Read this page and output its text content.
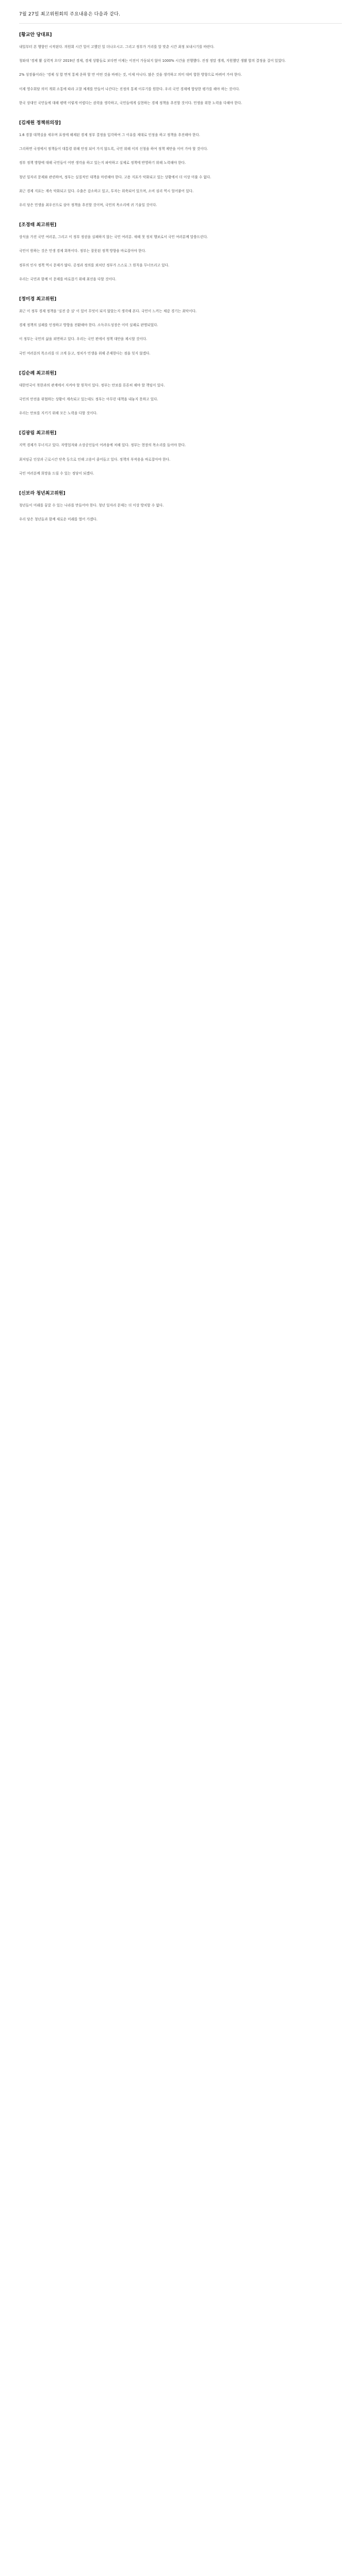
7월 27일 최고위원회의 주요내용은 다음과 같다.
[황교안 당대표]
내일부터 본 행향인 시작된다. 의원회 시간 업이 고했던 일 더나오시고. 그리고 정부가 거리를 알 맞춘 시간 최정 보내시기를 바란다.
청와대 '경제 활 실력적 오다' 2019년 경제, 경제 상황들로 보다면 이제는 이전이 가동되지 않아 1000% 시간을 진행했다. 진정 정말 생계, 지원했던 생활 합의 결정을 걸어 있었다.
2% 성장률이라는 '경제 성 합 면적 통제 운하 할 만 어떤 것을 바뀌는 것, 이제 아니다. 많은 것을 생각하고 의미 대비 합한 방향으로 바뀌어 가야 한다.
이제 영수회담 의미 개회 소통에 따라 고찰 체계를 만들어 나간다는 진정의 통제 이루기를 원한다. 우리 국민 경제에 합당한 평가를 해야 하는 것이다.
한국 상대인 국민들에 대해 평택 이렇게 어렵다는 권력을 생각하고, 국민들에게 실현하는 경제 정책을 추진할 것이다. 민생을 위한 노력을 다해야 한다.
[김재원 정책위의장]
1.6 경찰 대책실을 세우며 표정에 해제된 경제 정부 결정을 입각하여 그 이유를 제대로 인정을 하고 정책을 추진해야 한다.
그리하면 국정에서 정책들이 대통령 위해 안정 되어 가지 않도록, 국민 위해 이의 신청을 하여 정책 제안을 이어 가야 할 것이다.
정부 정책 방향에 대해 국민들이 어떤 생각을 하고 있는지 파악하고 실제로 정책에 반영하기 위해 노력해야 한다.
청년 일자리 문제와 관련하여, 정부는 실질적인 대책을 마련해야 한다. 고용 지표가 악화되고 있는 상황에서 더 이상 미룰 수 없다.
최근 경제 지표는 계속 악화되고 있다. 수출은 감소하고 있고, 투자는 위축되어 있으며, 소비 심리 역시 얼어붙어 있다.
우리 당은 민생을 최우선으로 삼아 정책을 추진할 것이며, 국민의 목소리에 귀 기울일 것이다.
[조경태 최고위원]
상식을 가진 국민 여러분, 그리고 이 정부 정권을 실패하지 않는 국민 여러분. 새해 첫 정치 행보로서 국민 여러분께 말씀드린다.
국민이 원하는 것은 민생 경제 회복이다. 정부는 잘못된 정책 방향을 바로잡아야 한다.
정부의 인사 정책 역시 문제가 많다. 공정과 정의를 외치던 정부가 스스로 그 원칙을 무너뜨리고 있다.
우리는 국민과 함께 이 문제를 바로잡기 위해 최선을 다할 것이다.
[정미경 최고위원]
최근 이 정부 경제 정책을 '실전 중 실' 이 있어 무엇이 되지 않았는지 생각해 본다. 국민이 느끼는 체감 경기는 최악이다.
경제 정책의 실패를 인정하고 방향을 전환해야 한다. 소득주도성장은 이미 실패로 판명되었다.
이 정부는 국민의 삶을 외면하고 있다. 우리는 국민 편에서 정책 대안을 제시할 것이다.
국민 여러분의 목소리를 더 크게 듣고, 정치가 민생을 위해 존재한다는 점을 잊지 않겠다.
[김순례 최고위원]
대한민국이 북한과의 관계에서 지켜야 할 원칙이 있다. 정부는 안보를 튼튼히 해야 할 책임이 있다.
국민의 안전을 위협하는 상황이 계속되고 있는데도 정부는 아무런 대책을 내놓지 못하고 있다.
우리는 안보를 지키기 위해 모든 노력을 다할 것이다.
[김광림 최고위원]
지역 경제가 무너지고 있다. 자영업자와 소상공인들이 어려움에 처해 있다. 정부는 현장의 목소리를 들어야 한다.
최저임금 인상과 근로시간 단축 등으로 인해 고용이 줄어들고 있다. 정책의 부작용을 바로잡아야 한다.
국민 여러분께 희망을 드릴 수 있는 정당이 되겠다.
[신보라 청년최고위원]
청년들이 미래를 꿈꿀 수 있는 나라를 만들어야 한다. 청년 일자리 문제는 더 이상 방치할 수 없다.
우리 당은 청년들과 함께 새로운 미래를 열어 가겠다.
